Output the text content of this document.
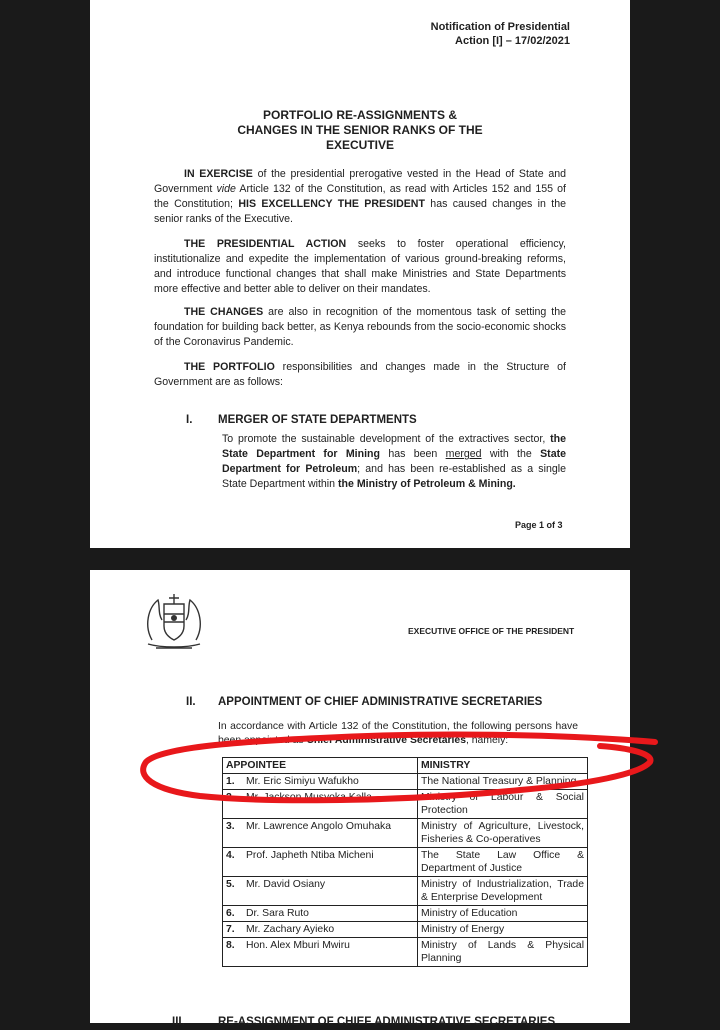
Notification of Presidential
Action [I] – 17/02/2021
PORTFOLIO RE-ASSIGNMENTS &
CHANGES IN THE SENIOR RANKS OF THE
EXECUTIVE
IN EXERCISE of the presidential prerogative vested in the Head of State and Government vide Article 132 of the Constitution, as read with Articles 152 and 155 of the Constitution; HIS EXCELLENCY THE PRESIDENT has caused changes in the senior ranks of the Executive.
THE PRESIDENTIAL ACTION seeks to foster operational efficiency, institutionalize and expedite the implementation of various ground-breaking reforms, and introduce functional changes that shall make Ministries and State Departments more effective and better able to deliver on their mandates.
THE CHANGES are also in recognition of the momentous task of setting the foundation for building back better, as Kenya rebounds from the socio-economic shocks of the Coronavirus Pandemic.
THE PORTFOLIO responsibilities and changes made in the Structure of Government are as follows:
I. MERGER OF STATE DEPARTMENTS
To promote the sustainable development of the extractives sector, the State Department for Mining has been merged with the State Department for Petroleum; and has been re-established as a single State Department within the Ministry of Petroleum & Mining.
Page 1 of 3
EXECUTIVE OFFICE OF THE PRESIDENT
II. APPOINTMENT OF CHIEF ADMINISTRATIVE SECRETARIES
In accordance with Article 132 of the Constitution, the following persons have been appointed as Chief Administrative Secretaries, namely:
APPOINTEE	MINISTRY
1. Mr. Eric Simiyu Wafukho	The National Treasury & Planning
2. Mr. Jackson Musyoka Kalla	Ministry of Labour & Social Protection
3. Mr. Lawrence Angolo Omuhaka	Ministry of Agriculture, Livestock, Fisheries & Co-operatives
4. Prof. Japheth Ntiba Micheni	The State Law Office & Department of Justice
5. Mr. David Osiany	Ministry of Industrialization, Trade & Enterprise Development
6. Dr. Sara Ruto	Ministry of Education
7. Mr. Zachary Ayieko	Ministry of Energy
8. Hon. Alex Mburi Mwiru	Ministry of Lands & Physical Planning
III.	RE-ASSIGNMENT OF CHIEF ADMINISTRATIVE SECRETARIES
